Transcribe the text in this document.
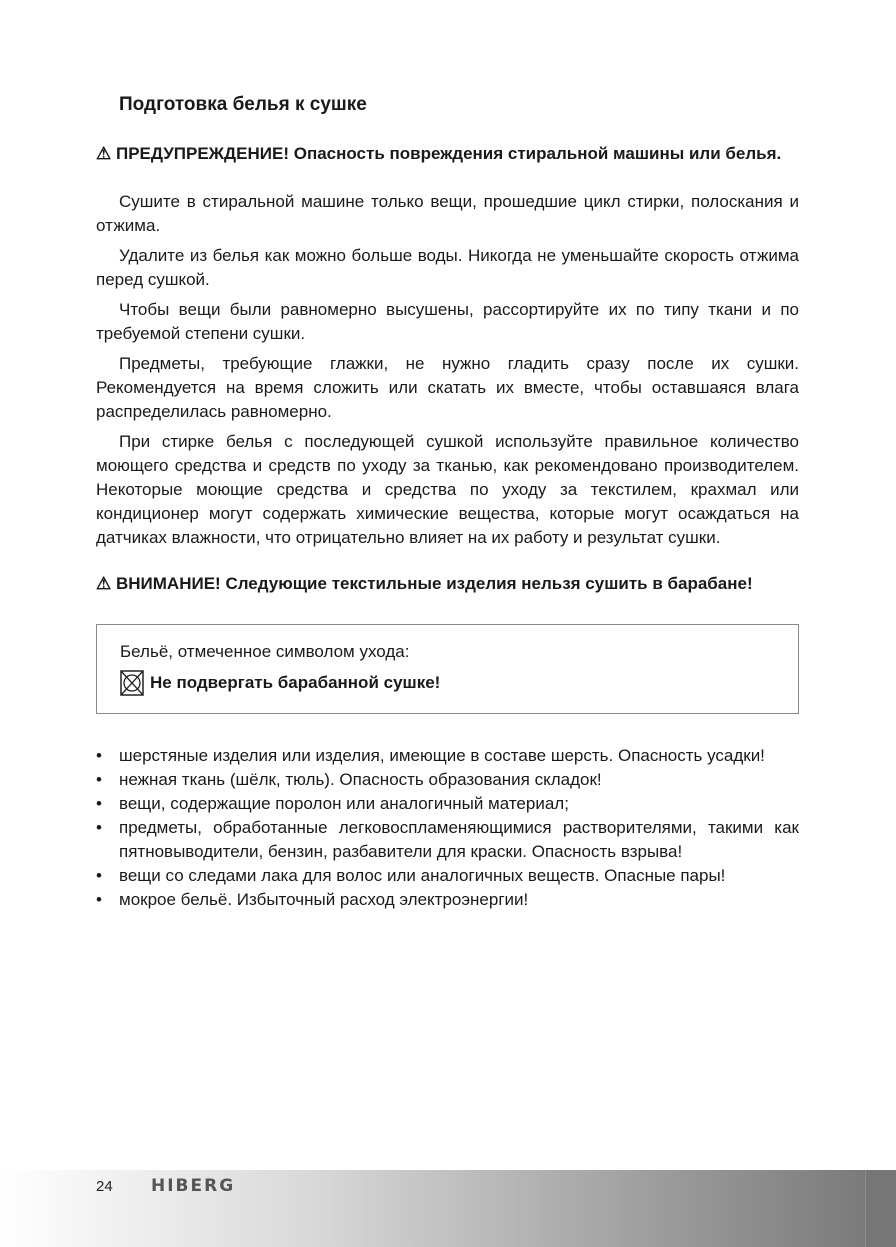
Подготовка белья к сушке
⚠ ПРЕДУПРЕЖДЕНИЕ! Опасность повреждения стиральной машины или белья.

Сушите в стиральной машине только вещи, прошедшие цикл стирки, полоскания и отжима.

Удалите из белья как можно больше воды. Никогда не уменьшайте скорость отжима перед сушкой.

Чтобы вещи были равномерно высушены, рассортируйте их по типу ткани и по требуемой степени сушки.

Предметы, требующие глажки, не нужно гладить сразу после их сушки. Рекомендуется на время сложить или скатать их вместе, чтобы оставшаяся влага распределилась равномерно.

При стирке белья с последующей сушкой используйте правильное количество моющего средства и средств по уходу за тканью, как рекомендовано производителем. Некоторые моющие средства и средства по уходу за текстилем, крахмал или кондиционер могут содержать химические вещества, которые могут осаждаться на датчиках влажности, что отрицательно влияет на их работу и результат сушки.

⚠ ВНИМАНИЕ! Следующие текстильные изделия нельзя сушить в барабане!
Бельё, отмеченное символом ухода:
Не подвергать барабанной сушке!
• шерстяные изделия или изделия, имеющие в составе шерсть. Опасность усадки!
• нежная ткань (шёлк, тюль). Опасность образования складок!
• вещи, содержащие поролон или аналогичный материал;
• предметы, обработанные легковоспламеняющимися растворителями, такими как пятновыводители, бензин, разбавители для краски. Опасность взрыва!
• вещи со следами лака для волос или аналогичных веществ. Опасные пары!
• мокрое бельё. Избыточный расход электроэнергии!
24 HIBERG
